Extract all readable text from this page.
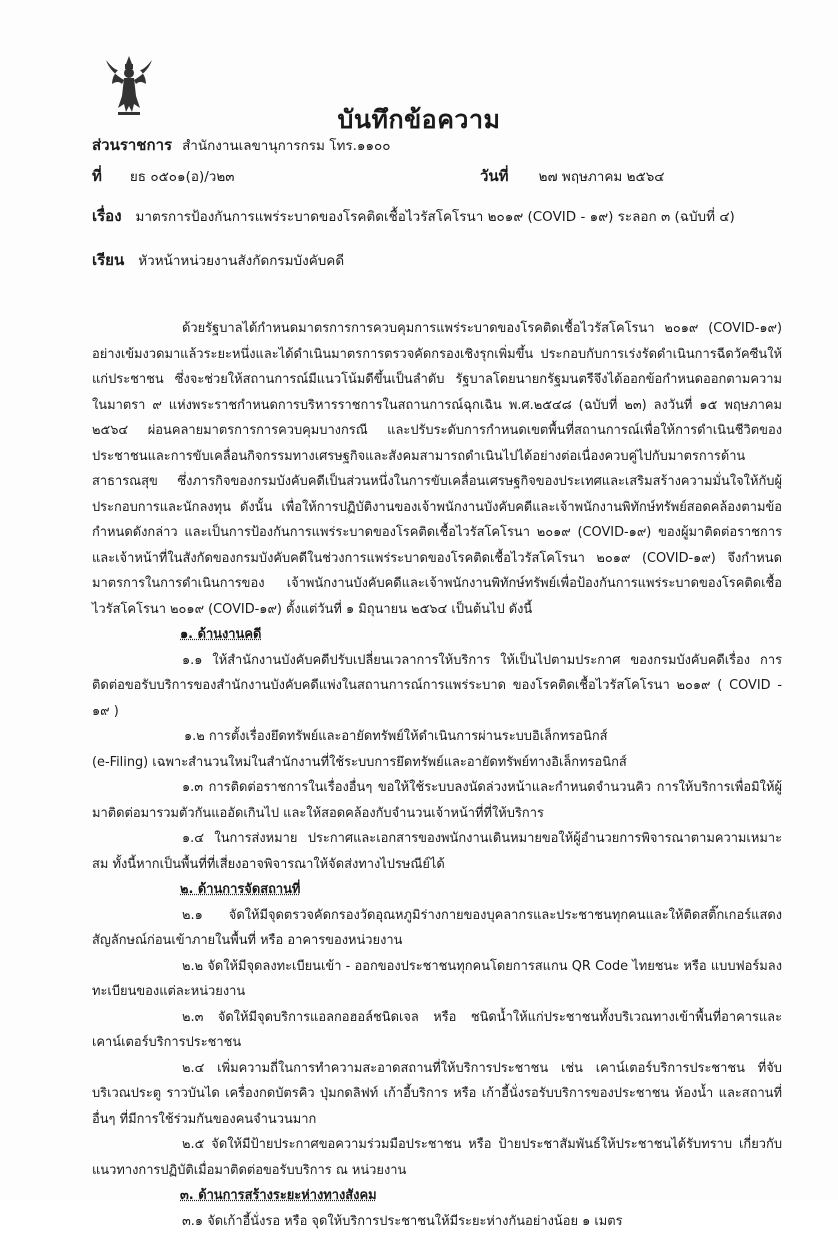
บันทึกข้อความ
ส่วนราชการ สำนักงานเลขานุการกรม โทร.๑๑๐๐
ที่ ยธ ๐๕๐๑(อ)/ว๒๓	วันที่ ๒๗ พฤษภาคม ๒๕๖๔
เรื่อง มาตรการป้องกันการแพร่ระบาดของโรคติดเชื้อไวรัสโคโรนา ๒๐๑๙ (COVID - ๑๙) ระลอก ๓ (ฉบับที่ ๔)
เรียน หัวหน้าหน่วยงานสังกัดกรมบังคับคดี

ด้วยรัฐบาลได้กำหนดมาตรการการควบคุมการแพร่ระบาดของโรคติดเชื้อไวรัสโคโรนา ๒๐๑๙ (COVID-๑๙) อย่างเข้มงวดมาแล้วระยะหนึ่งและได้ดำเนินมาตรการตรวจคัดกรองเชิงรุกเพิ่มขึ้น ประกอบกับการเร่งรัดดำเนินการฉีดวัคซีนให้แก่ประชาชน ซึ่งจะช่วยให้สถานการณ์มีแนวโน้มดีขึ้นเป็นลำดับ รัฐบาลโดยนายกรัฐมนตรีจึงได้ออกข้อกำหนดออกตามความในมาตรา ๙ แห่งพระราชกำหนดการบริหารราชการในสถานการณ์ฉุกเฉิน พ.ศ.๒๕๔๘ (ฉบับที่ ๒๓) ลงวันที่ ๑๕ พฤษภาคม ๒๕๖๔ ผ่อนคลายมาตรการการควบคุมบางกรณี และปรับระดับการกำหนดเขตพื้นที่สถานการณ์เพื่อให้การดำเนินชีวิตของประชาชนและการขับเคลื่อนกิจกรรมทางเศรษฐกิจและสังคมสามารถดำเนินไปได้อย่างต่อเนื่องควบคู่ไปกับมาตรการด้านสาธารณสุข ซึ่งภารกิจของกรมบังคับคดีเป็นส่วนหนึ่งในการขับเคลื่อนเศรษฐกิจของประเทศและเสริมสร้างความมั่นใจให้กับผู้ประกอบการและนักลงทุน ดังนั้น เพื่อให้การปฏิบัติงานของเจ้าพนักงานบังคับคดีและเจ้าพนักงานพิทักษ์ทรัพย์สอดคล้องตามข้อกำหนดดังกล่าว และเป็นการป้องกันการแพร่ระบาดของโรคติดเชื้อไวรัสโคโรนา ๒๐๑๙ (COVID-๑๙) ของผู้มาติดต่อราชการและเจ้าหน้าที่ในสังกัดของกรมบังคับคดีในช่วงการแพร่ระบาดของโรคติดเชื้อไวรัสโคโรนา ๒๐๑๙ (COVID-๑๙) จึงกำหนดมาตรการในการดำเนินการของ เจ้าพนักงานบังคับคดีและเจ้าพนักงานพิทักษ์ทรัพย์เพื่อป้องกันการแพร่ระบาดของโรคติดเชื้อไวรัสโคโรนา ๒๐๑๙ (COVID-๑๙) ตั้งแต่วันที่ ๑ มิถุนายน ๒๕๖๔ เป็นต้นไป ดังนี้

๑. ด้านงานคดี

๑.๑ ให้สำนักงานบังคับคดีปรับเปลี่ยนเวลาการให้บริการ ให้เป็นไปตามประกาศ ของกรมบังคับคดีเรื่อง การติดต่อขอรับบริการของสำนักงานบังคับคดีแพ่งในสถานการณ์การแพร่ระบาด ของโรคติดเชื้อไวรัสโคโรนา ๒๐๑๙ ( COVID - ๑๙ )

๑.๒ การตั้งเรื่องยึดทรัพย์และอายัดทรัพย์ให้ดำเนินการผ่านระบบอิเล็กทรอนิกส์

(e-Filing) เฉพาะสำนวนใหม่ในสำนักงานที่ใช้ระบบการยึดทรัพย์และอายัดทรัพย์ทางอิเล็กทรอนิกส์

๑.๓ การติดต่อราชการในเรื่องอื่นๆ ขอให้ใช้ระบบลงนัดล่วงหน้าและกำหนดจำนวนคิว การให้บริการเพื่อมิให้ผู้มาติดต่อมารวมตัวกันแออัดเกินไป และให้สอดคล้องกับจำนวนเจ้าหน้าที่ที่ให้บริการ

๑.๔ ในการส่งหมาย ประกาศและเอกสารของพนักงานเดินหมายขอให้ผู้อำนวยการพิจารณาตามความเหมาะสม ทั้งนี้หากเป็นพื้นที่ที่เสี่ยงอาจพิจารณาให้จัดส่งทางไปรษณีย์ได้

๒. ด้านการจัดสถานที่

๒.๑ จัดให้มีจุดตรวจคัดกรองวัดอุณหภูมิร่างกายของบุคลากรและประชาชนทุกคนและให้ติดสติ๊กเกอร์แสดงสัญลักษณ์ก่อนเข้าภายในพื้นที่ หรือ อาคารของหน่วยงาน

๒.๒ จัดให้มีจุดลงทะเบียนเข้า - ออกของประชาชนทุกคนโดยการสแกน QR Code ไทยชนะ หรือ แบบฟอร์มลงทะเบียนของแต่ละหน่วยงาน

๒.๓ จัดให้มีจุดบริการแอลกอฮอล์ชนิดเจล หรือ ชนิดน้ำให้แก่ประชาชนทั้งบริเวณทางเข้าพื้นที่อาคารและเคาน์เตอร์บริการประชาชน

๒.๔ เพิ่มความถี่ในการทำความสะอาดสถานที่ให้บริการประชาชน เช่น เคาน์เตอร์บริการประชาชน ที่จับบริเวณประตู ราวบันได เครื่องกดบัตรคิว ปุ่มกดลิฟท์ เก้าอี้บริการ หรือ เก้าอี้นั่งรอรับบริการของประชาชน ห้องน้ำ และสถานที่อื่นๆ ที่มีการใช้ร่วมกันของคนจำนวนมาก

๒.๕ จัดให้มีป้ายประกาศขอความร่วมมือประชาชน หรือ ป้ายประชาสัมพันธ์ให้ประชาชนได้รับทราบ เกี่ยวกับแนวทางการปฏิบัติเมื่อมาติดต่อขอรับบริการ ณ หน่วยงาน

๓. ด้านการสร้างระยะห่างทางสังคม

๓.๑ จัดเก้าอี้นั่งรอ หรือ จุดให้บริการประชาชนให้มีระยะห่างกันอย่างน้อย ๑ เมตร
